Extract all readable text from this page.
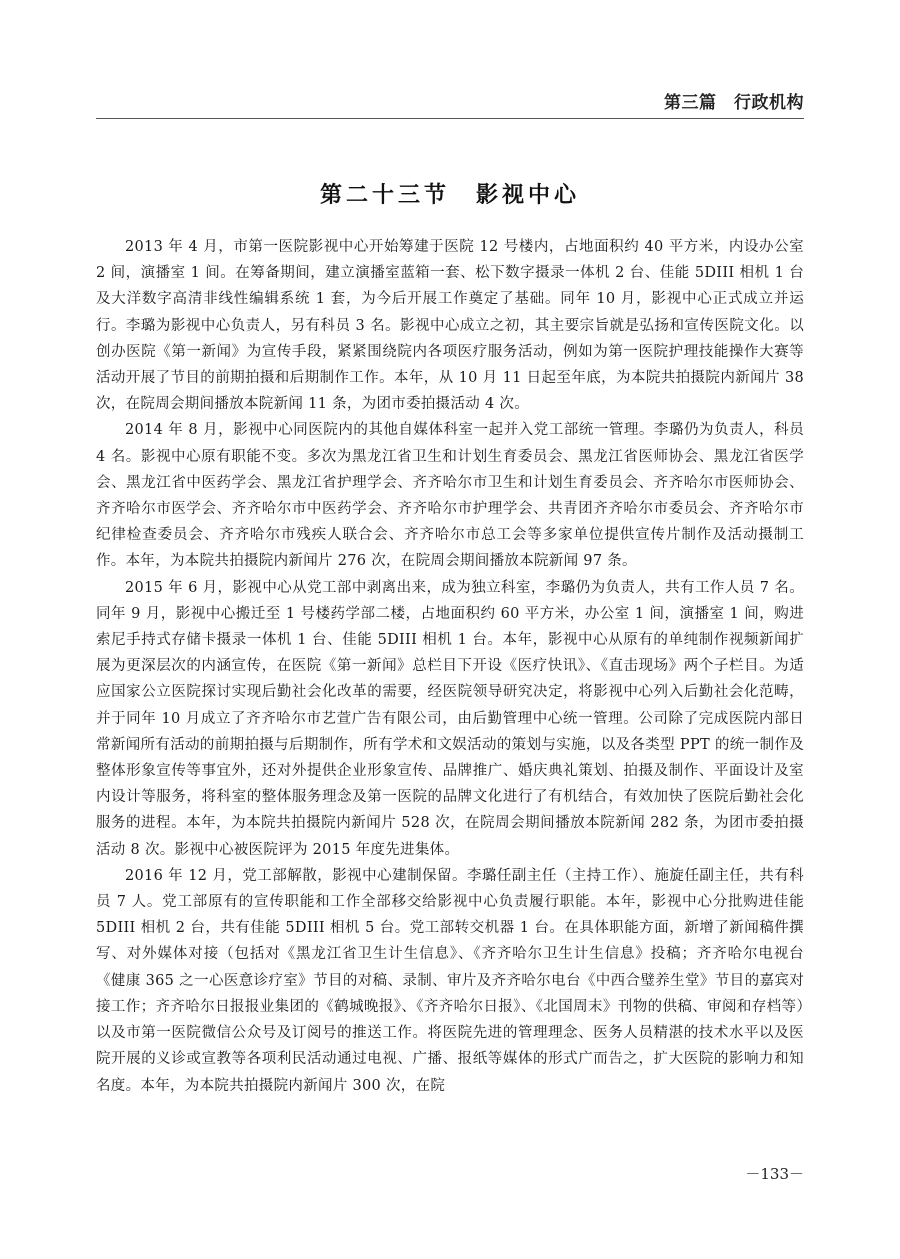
第三篇　行政机构
第二十三节　影视中心

2013 年 4 月，市第一医院影视中心开始筹建于医院 12 号楼内，占地面积约 40 平方米，内设办公室 2 间，演播室 1 间。在筹备期间，建立演播室蓝箱一套、松下数字摄录一体机 2 台、佳能 5DIII 相机 1 台及大洋数字高清非线性编辑系统 1 套，为今后开展工作奠定了基础。同年 10 月，影视中心正式成立并运行。李璐为影视中心负责人，另有科员 3 名。影视中心成立之初，其主要宗旨就是弘扬和宣传医院文化。以创办医院《第一新闻》为宣传手段，紧紧围绕院内各项医疗服务活动，例如为第一医院护理技能操作大赛等活动开展了节目的前期拍摄和后期制作工作。本年，从 10 月 11 日起至年底，为本院共拍摄院内新闻片 38 次，在院周会期间播放本院新闻 11 条，为团市委拍摄活动 4 次。

2014 年 8 月，影视中心同医院内的其他自媒体科室一起并入党工部统一管理。李璐仍为负责人，科员 4 名。影视中心原有职能不变。多次为黑龙江省卫生和计划生育委员会、黑龙江省医师协会、黑龙江省医学会、黑龙江省中医药学会、黑龙江省护理学会、齐齐哈尔市卫生和计划生育委员会、齐齐哈尔市医师协会、齐齐哈尔市医学会、齐齐哈尔市中医药学会、齐齐哈尔市护理学会、共青团齐齐哈尔市委员会、齐齐哈尔市纪律检查委员会、齐齐哈尔市残疾人联合会、齐齐哈尔市总工会等多家单位提供宣传片制作及活动摄制工作。本年，为本院共拍摄院内新闻片 276 次，在院周会期间播放本院新闻 97 条。

2015 年 6 月，影视中心从党工部中剥离出来，成为独立科室，李璐仍为负责人，共有工作人员 7 名。同年 9 月，影视中心搬迁至 1 号楼药学部二楼，占地面积约 60 平方米，办公室 1 间，演播室 1 间，购进索尼手持式存储卡摄录一体机 1 台、佳能 5DIII 相机 1 台。本年，影视中心从原有的单纯制作视频新闻扩展为更深层次的内涵宣传，在医院《第一新闻》总栏目下开设《医疗快讯》、《直击现场》两个子栏目。为适应国家公立医院探讨实现后勤社会化改革的需要，经医院领导研究决定，将影视中心列入后勤社会化范畴，并于同年 10 月成立了齐齐哈尔市艺萱广告有限公司，由后勤管理中心统一管理。公司除了完成医院内部日常新闻所有活动的前期拍摄与后期制作，所有学术和文娱活动的策划与实施，以及各类型 PPT 的统一制作及整体形象宣传等事宜外，还对外提供企业形象宣传、品牌推广、婚庆典礼策划、拍摄及制作、平面设计及室内设计等服务，将科室的整体服务理念及第一医院的品牌文化进行了有机结合，有效加快了医院后勤社会化服务的进程。本年，为本院共拍摄院内新闻片 528 次，在院周会期间播放本院新闻 282 条，为团市委拍摄活动 8 次。影视中心被医院评为 2015 年度先进集体。

2016 年 12 月，党工部解散，影视中心建制保留。李璐任副主任（主持工作）、施旋任副主任，共有科员 7 人。党工部原有的宣传职能和工作全部移交给影视中心负责履行职能。本年，影视中心分批购进佳能 5DIII 相机 2 台，共有佳能 5DIII 相机 5 台。党工部转交机器 1 台。在具体职能方面，新增了新闻稿件撰写、对外媒体对接（包括对《黑龙江省卫生计生信息》、《齐齐哈尔卫生计生信息》投稿；齐齐哈尔电视台《健康 365 之一心医意诊疗室》节目的对稿、录制、审片及齐齐哈尔电台《中西合璧养生堂》节目的嘉宾对接工作；齐齐哈尔日报报业集团的《鹤城晚报》、《齐齐哈尔日报》、《北国周末》刊物的供稿、审阅和存档等）以及市第一医院微信公众号及订阅号的推送工作。将医院先进的管理理念、医务人员精湛的技术水平以及医院开展的义诊或宣教等各项利民活动通过电视、广播、报纸等媒体的形式广而告之，扩大医院的影响力和知名度。本年，为本院共拍摄院内新闻片 300 次，在院

－133－
